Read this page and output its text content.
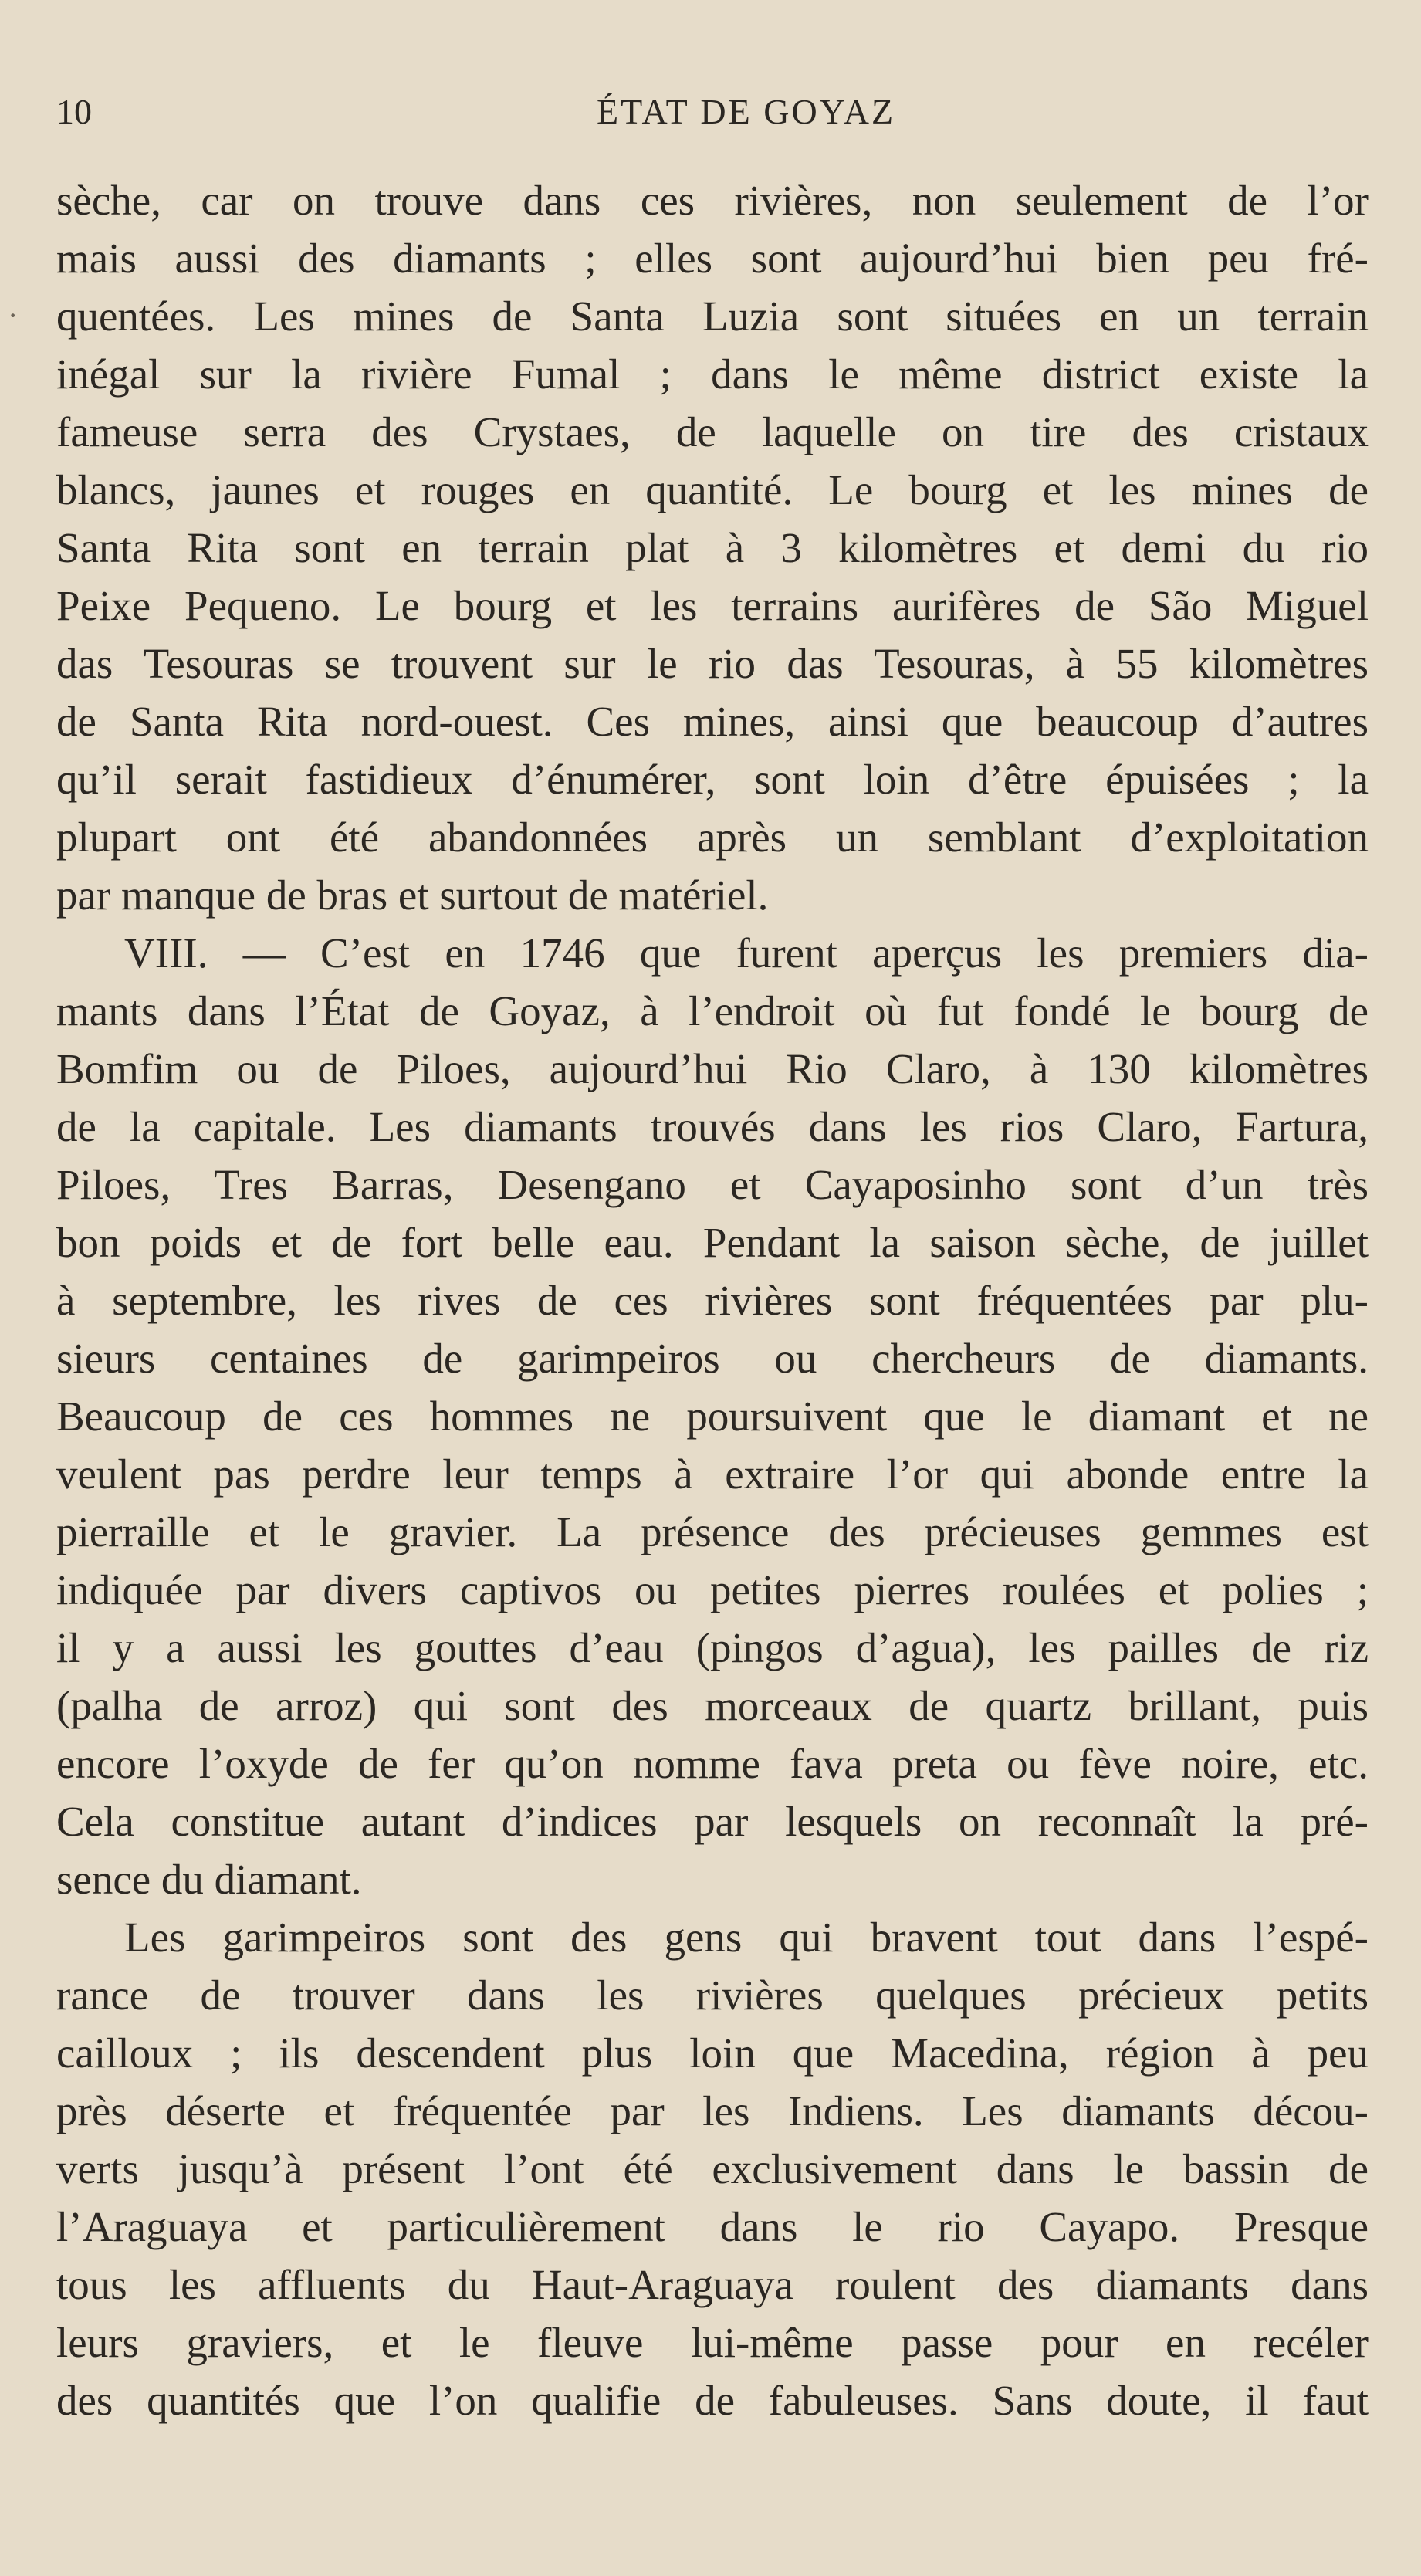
10	ÉTAT DE GOYAZ
·
sèche, car on trouve dans ces rivières, non seulement de l’or
mais aussi des diamants ; elles sont aujourd’hui bien peu fré-
quentées. Les mines de Santa Luzia sont situées en un terrain
inégal sur la rivière Fumal ; dans le même district existe la
fameuse serra des Crystaes, de laquelle on tire des cristaux
blancs, jaunes et rouges en quantité. Le bourg et les mines de
Santa Rita sont en terrain plat à 3 kilomètres et demi du rio
Peixe Pequeno. Le bourg et les terrains aurifères de São Miguel
das Tesouras se trouvent sur le rio das Tesouras, à 55 kilomètres
de Santa Rita nord-ouest. Ces mines, ainsi que beaucoup d’autres
qu’il serait fastidieux d’énumérer, sont loin d’être épuisées ; la
plupart ont été abandonnées après un semblant d’exploitation
par manque de bras et surtout de matériel.
VIII. — C’est en 1746 que furent aperçus les premiers dia-
mants dans l’État de Goyaz, à l’endroit où fut fondé le bourg de
Bomfim ou de Piloes, aujourd’hui Rio Claro, à 130 kilomètres
de la capitale. Les diamants trouvés dans les rios Claro, Fartura,
Piloes, Tres Barras, Desengano et Cayaposinho sont d’un très
bon poids et de fort belle eau. Pendant la saison sèche, de juillet
à septembre, les rives de ces rivières sont fréquentées par plu-
sieurs centaines de garimpeiros ou chercheurs de diamants.
Beaucoup de ces hommes ne poursuivent que le diamant et ne
veulent pas perdre leur temps à extraire l’or qui abonde entre la
pierraille et le gravier. La présence des précieuses gemmes est
indiquée par divers captivos ou petites pierres roulées et polies ;
il y a aussi les gouttes d’eau (pingos d’agua), les pailles de riz
(palha de arroz) qui sont des morceaux de quartz brillant, puis
encore l’oxyde de fer qu’on nomme fava preta ou fève noire, etc.
Cela constitue autant d’indices par lesquels on reconnaît la pré-
sence du diamant.
Les garimpeiros sont des gens qui bravent tout dans l’espé-
rance de trouver dans les rivières quelques précieux petits
cailloux ; ils descendent plus loin que Macedina, région à peu
près déserte et fréquentée par les Indiens. Les diamants décou-
verts jusqu’à présent l’ont été exclusivement dans le bassin de
l’Araguaya et particulièrement dans le rio Cayapo. Presque
tous les affluents du Haut-Araguaya roulent des diamants dans
leurs graviers, et le fleuve lui-même passe pour en recéler
des quantités que l’on qualifie de fabuleuses. Sans doute, il faut
